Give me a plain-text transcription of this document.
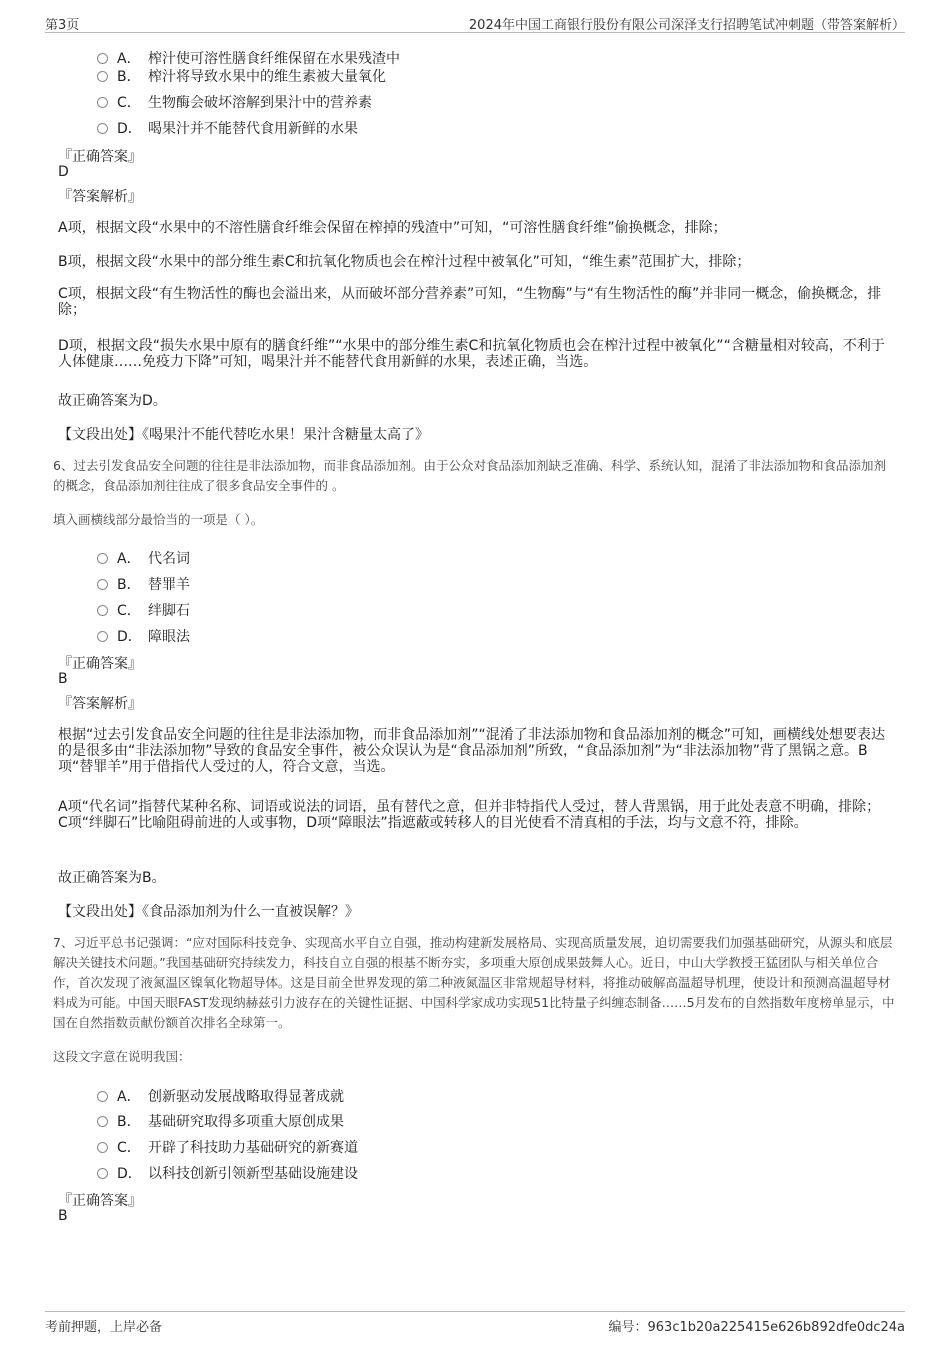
第3页	2024年中国工商银行股份有限公司深泽支行招聘笔试冲刺题（带答案解析）
A． 榨汁使可溶性膳食纤维保留在水果残渣中
B． 榨汁将导致水果中的维生素被大量氧化
C． 生物酶会破坏溶解到果汁中的营养素
D． 喝果汁并不能替代食用新鲜的水果
『正确答案』
D
『答案解析』
A项，根据文段“水果中的不溶性膳食纤维会保留在榨掉的残渣中”可知，“可溶性膳食纤维”偷换概念，排除；
B项，根据文段“水果中的部分维生素C和抗氧化物质也会在榨汁过程中被氧化”可知，“维生素”范围扩大，排除；
C项，根据文段“有生物活性的酶也会溢出来，从而破坏部分营养素”可知，“生物酶”与“有生物活性的酶”并非同一概念，偷换概念，排除；
D项，根据文段“损失水果中原有的膳食纤维”“水果中的部分维生素C和抗氧化物质也会在榨汁过程中被氧化”“含糖量相对较高，不利于人体健康……免疫力下降”可知，喝果汁并不能替代食用新鲜的水果，表述正确，当选。
故正确答案为D。
【文段出处】《喝果汁不能代替吃水果！果汁含糖量太高了》
6、过去引发食品安全问题的往往是非法添加物，而非食品添加剂。由于公众对食品添加剂缺乏准确、科学、系统认知，混淆了非法添加物和食品添加剂的概念，食品添加剂往往成了很多食品安全事件的 。
填入画横线部分最恰当的一项是（ ）。
A． 代名词
B． 替罪羊
C． 绊脚石
D． 障眼法
『正确答案』
B
『答案解析』
根据“过去引发食品安全问题的往往是非法添加物，而非食品添加剂”“混淆了非法添加物和食品添加剂的概念”可知，画横线处想要表达的是很多由“非法添加物”导致的食品安全事件，被公众误认为是“食品添加剂”所致，“食品添加剂”为“非法添加物”背了黑锅之意。B项“替罪羊”用于借指代人受过的人，符合文意，当选。
A项“代名词”指替代某种名称、词语或说法的词语，虽有替代之意，但并非特指代人受过，替人背黑锅，用于此处表意不明确，排除；C项“绊脚石”比喻阻碍前进的人或事物，D项“障眼法”指遮蔽或转移人的目光使看不清真相的手法，均与文意不符，排除。
故正确答案为B。
【文段出处】《食品添加剂为什么一直被误解？》
7、习近平总书记强调：“应对国际科技竞争、实现高水平自立自强，推动构建新发展格局、实现高质量发展，迫切需要我们加强基础研究，从源头和底层解决关键技术问题。”我国基础研究持续发力，科技自立自强的根基不断夯实，多项重大原创成果鼓舞人心。近日，中山大学教授王猛团队与相关单位合作，首次发现了液氮温区镍氧化物超导体。这是目前全世界发现的第二种液氮温区非常规超导材料，将推动破解高温超导机理，使设计和预测高温超导材料成为可能。中国天眼FAST发现纳赫兹引力波存在的关键性证据、中国科学家成功实现51比特量子纠缠态制备……5月发布的自然指数年度榜单显示，中国在自然指数贡献份额首次排名全球第一。
这段文字意在说明我国：
A． 创新驱动发展战略取得显著成就
B． 基础研究取得多项重大原创成果
C． 开辟了科技助力基础研究的新赛道
D． 以科技创新引领新型基础设施建设
『正确答案』
B
考前押题，上岸必备	编号：963c1b20a225415e626b892dfe0dc24a
